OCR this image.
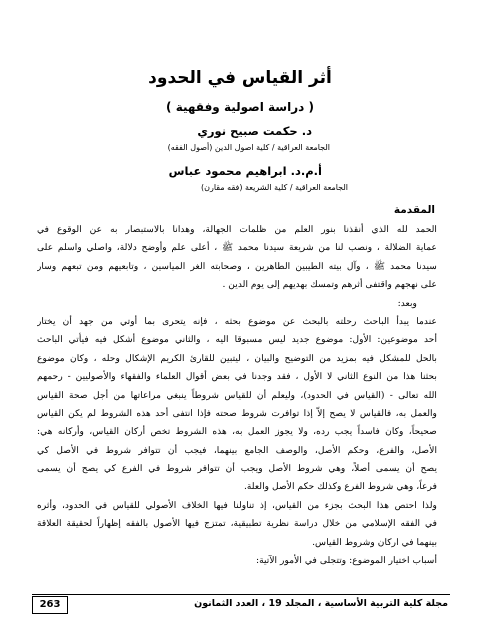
أثر القياس في الحدود
( دراسة اصولية وفقهية )
د. حكمت صبيح نوري
الجامعة العراقية / كلية اصول الدين (أصول الفقه)
أ.م.د. ابراهيم محمود عباس
الجامعة العراقية / كلية الشريعة (فقه مقارن)
المقدمة
الحمد لله الذي أنقذنا بنور العلم من ظلمات الجهالة، وهدانا بالاستبصار به عن الوقوع في
عماية الضلالة ، ونصب لنا من شريعة سيدنا محمد ﷺ ، أعلى علم وأوضح دلالة، واصلي واسلم على
سيدنا محمد ﷺ ، وآل بيته الطيبين الطاهرين ، وصحابته الغر المياسين ، وتابعيهم ومن تبعهم وسار
على نهجهم واقتفى أثرهم وتمسك بهديهم إلى يوم الدين .
وبعد:
عندما يبدأ الباحث رحلته بالبحث عن موضوع بحثه ، فإنه يتحرى بما أوتي من جهد أن يختار
أحد موضوعين: الأول: موضوع جديد ليس مسبوقا اليه ، والثاني موضوع أشكل فيه فيأتي الباحث
بالحل للمشكل فيه بمزيد من التوضيح والبيان ، ليتبين للقارئ الكريم الإشكال وحله ، وكان موضوع
بحثنا هذا من النوع الثاني لا الأول ، فقد وجدنا في بعض أقوال العلماء والفقهاء والأصوليين - رحمهم
الله تعالى - (القياس في الحدود)، وليعلم أن للقياس شروطاً ينبغي مراعاتها من أجل صحة القياس
والعمل به، فالقياس لا يصح إلاّ إذا توافرت شروط صحته فإذا انتفى أحد هذه الشروط لم يكن القياس
صحيحاً، وكان فاسداً يجب رده، ولا يجوز العمل به، هذه الشروط تخص أركان القياس، وأركانه هي:
الأصل، والفرع، وحكم الأصل، والوصف الجامع بينهما، فيجب أن تتوافر شروط في الأصل كي
يصح أن يسمى أصلاً، وهي شروط الأصل ويجب أن تتوافر شروط في الفرع كي يصح أن يسمى
فرعاً، وهي شروط الفرع وكذلك حكم الأصل والعلة.
ولذا احتص هذا البحث بجزء من القياس، إذ تناولنا فيها الخلاف الأصولي للقياس في الحدود، وأثره
في الفقه الإسلامي من خلال دراسة نظرية تطبيقية، تمتزج فيها الأصول بالفقه إظهاراً لحقيقة العلاقة
بينهما في اركان وشروط القياس.
أسباب اختيار الموضوع: وتتجلى في الأمور الآتية:
مجلة كلية التربية الأساسية ، المجلد 19 ، العدد الثمانون
263
